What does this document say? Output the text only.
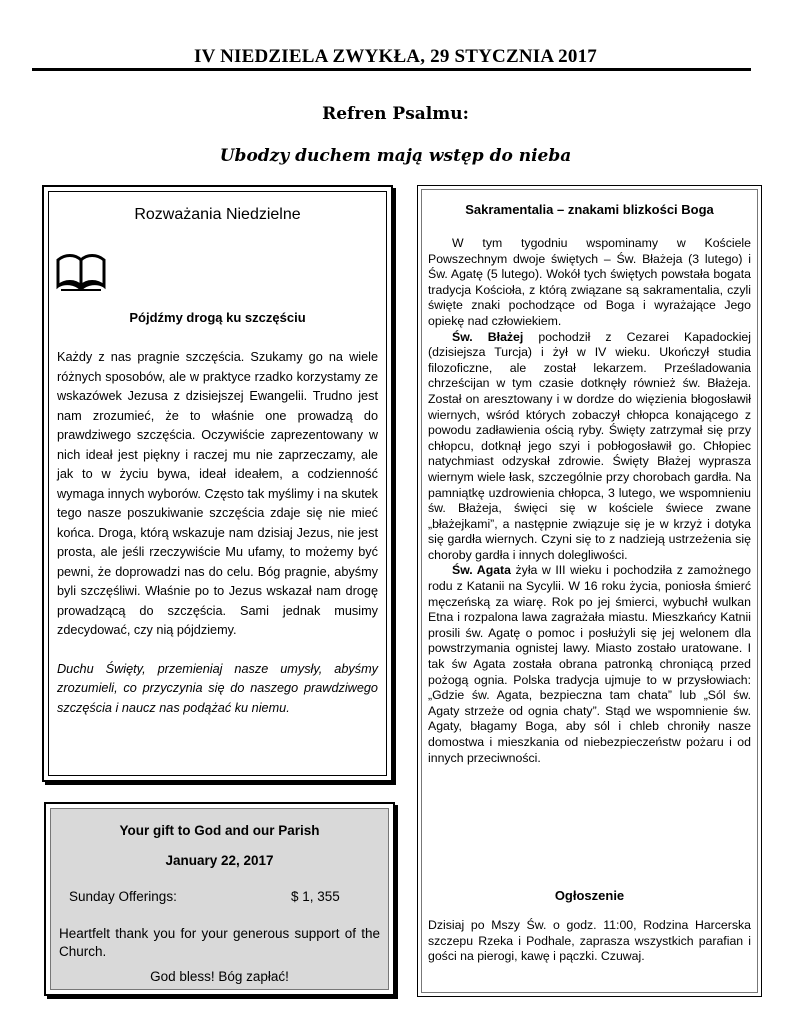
IV NIEDZIELA ZWYKŁA, 29 STYCZNIA 2017
Refren Psalmu:
Ubodzy duchem mają wstęp do nieba
Rozważania Niedzielne
Pójdźmy drogą ku szczęściu

Każdy z nas pragnie szczęścia. Szukamy go na wiele różnych sposobów, ale w praktyce rzadko korzystamy ze wskazówek Jezusa z dzisiejszej Ewangelii. Trudno jest nam zrozumieć, że to właśnie one prowadzą do prawdziwego szczęścia. Oczywiście zaprezentowany w nich ideał jest piękny i raczej mu nie zaprzeczamy, ale jak to w życiu bywa, ideał ideałem, a codzienność wymaga innych wyborów. Często tak myślimy i na skutek tego nasze poszukiwanie szczęścia zdaje się nie mieć końca. Droga, którą wskazuje nam dzisiaj Jezus, nie jest prosta, ale jeśli rzeczywiście Mu ufamy, to możemy być pewni, że doprowadzi nas do celu. Bóg pragnie, abyśmy byli szczęśliwi. Właśnie po to Jezus wskazał nam drogę prowadzącą do szczęścia. Sami jednak musimy zdecydować, czy nią pójdziemy.

Duchu Święty, przemieniaj nasze umysły, abyśmy zrozumieli, co przyczynia się do naszego prawdziwego szczęścia i naucz nas podążać ku niemu.

Your gift to God and our Parish
January 22, 2017
Sunday Offerings:	$ 1, 355
Heartfelt thank you for your generous support of the Church.
God bless! Bóg zapłać!
Sakramentalia – znakami blizkości Boga

W tym tygodniu wspominamy w Kościele Powszechnym dwoje świętych – Św. Błażeja (3 lutego) i Św. Agatę (5 lutego). Wokół tych świętych powstała bogata tradycja Kościoła, z którą związane są sakramentalia, czyli święte znaki pochodzące od Boga i wyrażające Jego opiekę nad człowiekiem.

Św. Błażej pochodził z Cezarei Kapadockiej (dzisiejsza Turcja) i żył w IV wieku. Ukończył studia filozoficzne, ale został lekarzem. Prześladowania chrześcijan w tym czasie dotknęły również św. Błażeja. Został on aresztowany i w dordze do więzienia błogosławił wiernych, wśród których zobaczył chłopca konającego z powodu zadławienia ością ryby. Święty zatrzymał się przy chłopcu, dotknął jego szyi i pobłogosławił go. Chłopiec natychmiast odzyskał zdrowie. Święty Błażej wyprasza wiernym wiele łask, szczególnie przy chorobach gardła. Na pamniątkę uzdrowienia chłopca, 3 lutego, we wspomnieniu św. Błażeja, święci się w kościele świece zwane „błażejkami”, a następnie związuje się je w krzyż i dotyka się gardła wiernych. Czyni się to z nadzieją ustrzeżenia się choroby gardła i innych dolegliwości.

Św. Agata żyła w III wieku i pochodziła z zamożnego rodu z Katanii na Sycylii. W 16 roku życia, poniosła śmierć męczeńską za wiarę. Rok po jej śmierci, wybuchł wulkan Etna i rozpalona lawa zagrażała miastu. Mieszkańcy Katnii prosili św. Agatę o pomoc i posłużyli się jej welonem dla powstrzymania ognistej lawy. Miasto zostało uratowane. I tak św Agata została obrana patronką chroniącą przed pożogą ognia. Polska tradycja ujmuje to w przysłowiach: „Gdzie św. Agata, bezpieczna tam chata” lub „Sól św. Agaty strzeże od ognia chaty”. Stąd we wspomnienie św. Agaty, błagamy Boga, aby sól i chleb chroniły nasze domostwa i mieszkania od niebezpieczeństw pożaru i od innych przeciwności.

Ogłoszenie
Dzisiaj po Mszy Św. o godz. 11:00, Rodzina Harcerska szczepu Rzeka i Podhale, zaprasza wszystkich parafian i gości na pierogi, kawę i pączki. Czuwaj.
